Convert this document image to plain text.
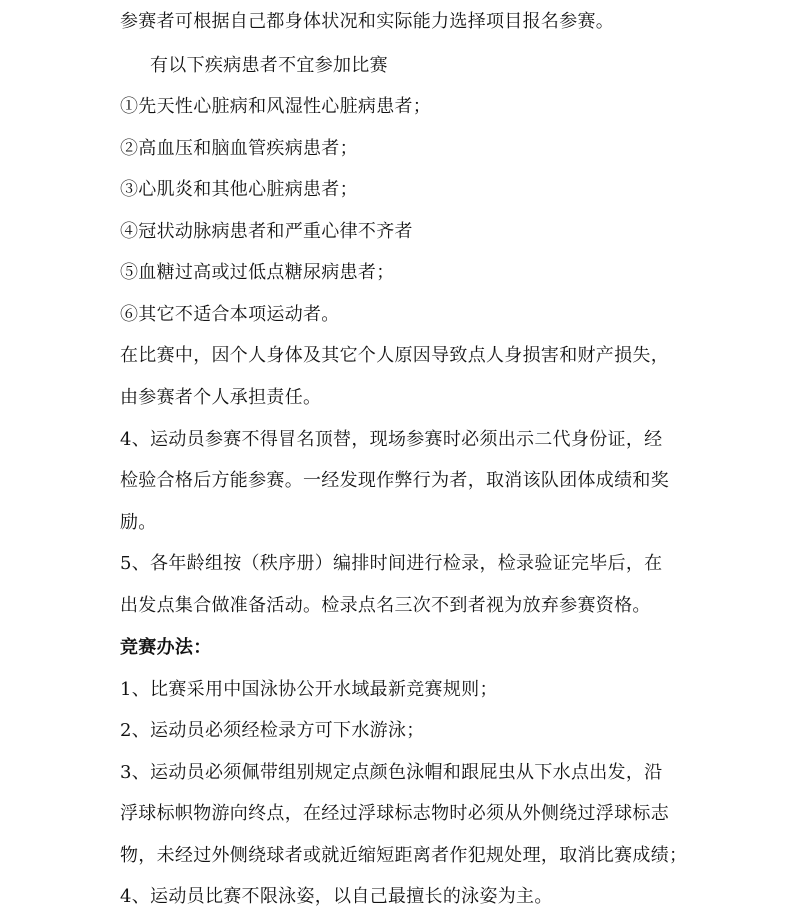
参赛者可根据自己都身体状况和实际能力选择项目报名参赛。
有以下疾病患者不宜参加比赛
①先天性心脏病和风湿性心脏病患者；
②高血压和脑血管疾病患者；
③心肌炎和其他心脏病患者；
④冠状动脉病患者和严重心律不齐者
⑤血糖过高或过低点糖尿病患者；
⑥其它不适合本项运动者。
在比赛中，因个人身体及其它个人原因导致点人身损害和财产损失，
由参赛者个人承担责任。
4、运动员参赛不得冒名顶替，现场参赛时必须出示二代身份证，经
检验合格后方能参赛。一经发现作弊行为者，取消该队团体成绩和奖
励。
5、各年龄组按（秩序册）编排时间进行检录，检录验证完毕后，在
出发点集合做准备活动。检录点名三次不到者视为放弃参赛资格。
竞赛办法：
1、比赛采用中国泳协公开水域最新竞赛规则；
2、运动员必须经检录方可下水游泳；
3、运动员必须佩带组别规定点颜色泳帽和跟屁虫从下水点出发，沿
浮球标帜物游向终点，在经过浮球标志物时必须从外侧绕过浮球标志
物，未经过外侧绕球者或就近缩短距离者作犯规处理，取消比赛成绩；
4、运动员比赛不限泳姿，以自己最擅长的泳姿为主。
